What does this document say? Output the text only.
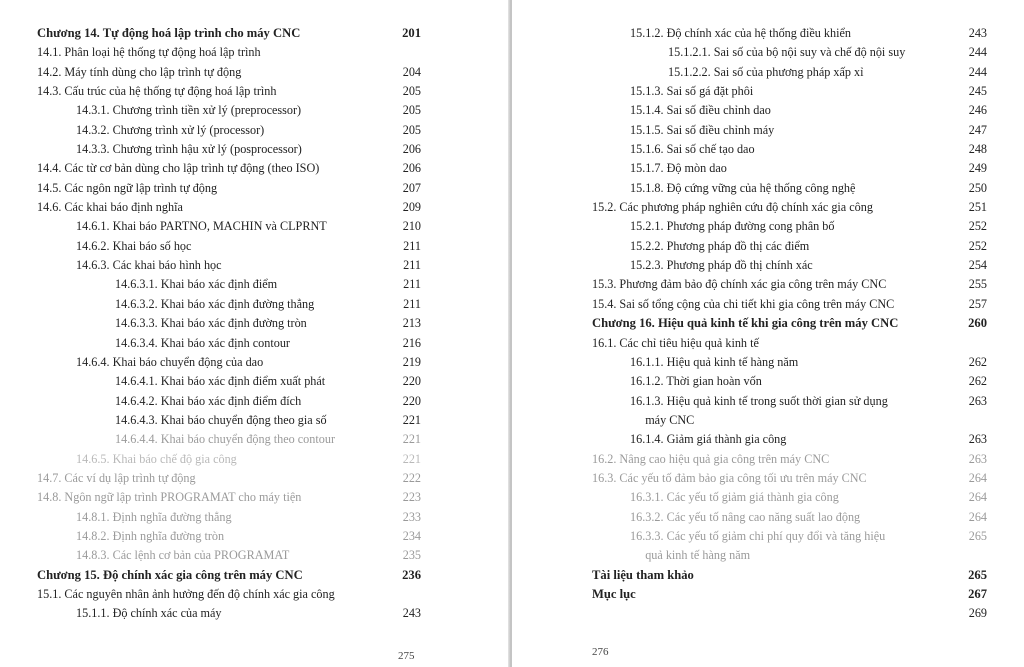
Chương 14. Tự động hoá lập trình cho máy CNC	201
14.1. Phân loại hệ thống tự động hoá lập trình
14.2. Máy tính dùng cho lập trình tự động	204
14.3. Cấu trúc của hệ thống tự động hoá lập trình	205
14.3.1. Chương trình tiền xử lý (preprocessor)	205
14.3.2. Chương trình xử lý (processor)	205
14.3.3. Chương trình hậu xử lý (posprocessor)	206
14.4. Các từ cơ bản dùng cho lập trình tự động (theo ISO)	206
14.5. Các ngôn ngữ lập trình tự động	207
14.6. Các khai báo định nghĩa	209
14.6.1. Khai báo PARTNO, MACHIN và CLPRNT	210
14.6.2. Khai báo số học	211
14.6.3. Các khai báo hình học	211
14.6.3.1. Khai báo xác định điểm	211
14.6.3.2. Khai báo xác định đường thẳng	211
14.6.3.3. Khai báo xác định đường tròn	213
14.6.3.4. Khai báo xác định contour	216
14.6.4. Khai báo chuyển động của dao	219
14.6.4.1. Khai báo xác định điểm xuất phát	220
14.6.4.2. Khai báo xác định điểm đích	220
14.6.4.3. Khai báo chuyển động theo gia số	221
14.6.4.4. Khai báo chuyển động theo contour	221
14.6.5. Khai báo chế độ gia công	221
14.7. Các ví dụ lập trình tự động	222
14.8. Ngôn ngữ lập trình PROGRAMAT cho máy tiện	223
14.8.1. Định nghĩa đường thẳng	233
14.8.2. Định nghĩa đường tròn	234
14.8.3. Các lệnh cơ bản của PROGRAMAT	235
Chương 15. Độ chính xác gia công trên máy CNC	236
15.1. Các nguyên nhân ảnh hưởng đến độ chính xác gia công
15.1.1. Độ chính xác của máy	243
275
15.1.2. Độ chính xác của hệ thống điều khiển	243
15.1.2.1. Sai số của bộ nội suy và chế độ nội suy	244
15.1.2.2. Sai số của phương pháp xấp xỉ	244
15.1.3. Sai số gá đặt phôi	245
15.1.4. Sai số điều chỉnh dao	246
15.1.5. Sai số điều chỉnh máy	247
15.1.6. Sai số chế tạo dao	248
15.1.7. Độ mòn dao	249
15.1.8. Độ cứng vững của hệ thống công nghệ	250
15.2. Các phương pháp nghiên cứu độ chính xác gia công	251
15.2.1. Phương pháp đường cong phân bố	252
15.2.2. Phương pháp đồ thị các điểm	252
15.2.3. Phương pháp đồ thị chính xác	254
15.3. Phương đảm bảo độ chính xác gia công trên máy CNC	255
15.4. Sai số tổng cộng của chi tiết khi gia công trên máy CNC	257
Chương 16. Hiệu quả kinh tế khi gia công trên máy CNC	260
16.1. Các chỉ tiêu hiệu quả kinh tế
16.1.1. Hiệu quả kinh tế hàng năm	262
16.1.2. Thời gian hoàn vốn	262
16.1.3. Hiệu quả kinh tế trong suốt thời gian sử dụng	263
máy CNC
16.1.4. Giảm giá thành gia công	263
16.2. Nâng cao hiệu quả gia công trên máy CNC	263
16.3. Các yếu tố đảm bảo gia công tối ưu trên máy CNC	264
16.3.1. Các yếu tố giảm giá thành gia công	264
16.3.2. Các yếu tố nâng cao năng suất lao động	264
16.3.3. Các yếu tố giảm chi phí quy đổi và tăng hiệu	265
quả kinh tế hàng năm
Tài liệu tham khảo	265
Mục lục	267
269
276
